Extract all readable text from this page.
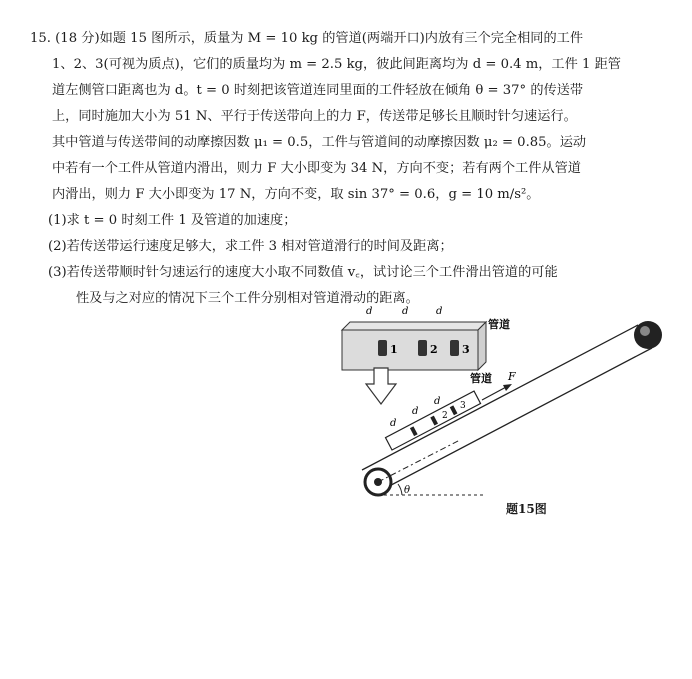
15. (18 分)如题 15 图所示，质量为 M = 10 kg 的管道(两端开口)内放有三个完全相同的工件
1、2、3(可视为质点)，它们的质量均为 m = 2.5 kg，彼此间距离均为 d = 0.4 m，工件 1 距管
道左侧管口距离也为 d。t = 0 时刻把该管道连同里面的工件轻放在倾角 θ = 37° 的传送带
上，同时施加大小为 51 N、平行于传送带向上的力 F，传送带足够长且顺时针匀速运行。
其中管道与传送带间的动摩擦因数 μ₁ = 0.5，工件与管道间的动摩擦因数 μ₂ = 0.85。运动
中若有一个工件从管道内滑出，则力 F 大小即变为 34 N，方向不变；若有两个工件从管道
内滑出，则力 F 大小即变为 17 N，方向不变，取 sin 37° = 0.6，g = 10 m/s²。
(1)求 t = 0 时刻工件 1 及管道的加速度；
(2)若传送带运行速度足够大，求工件 3 相对管道滑行的时间及距离；
(3)若传送带顺时针匀速运行的速度大小取不同数值 v꜀，试讨论三个工件滑出管道的可能
性及与之对应的情况下三个工件分别相对管道滑动的距离。
1	2 3
d	d	d
管道
2
3
d
d
d
管道 F
θ
题15图
